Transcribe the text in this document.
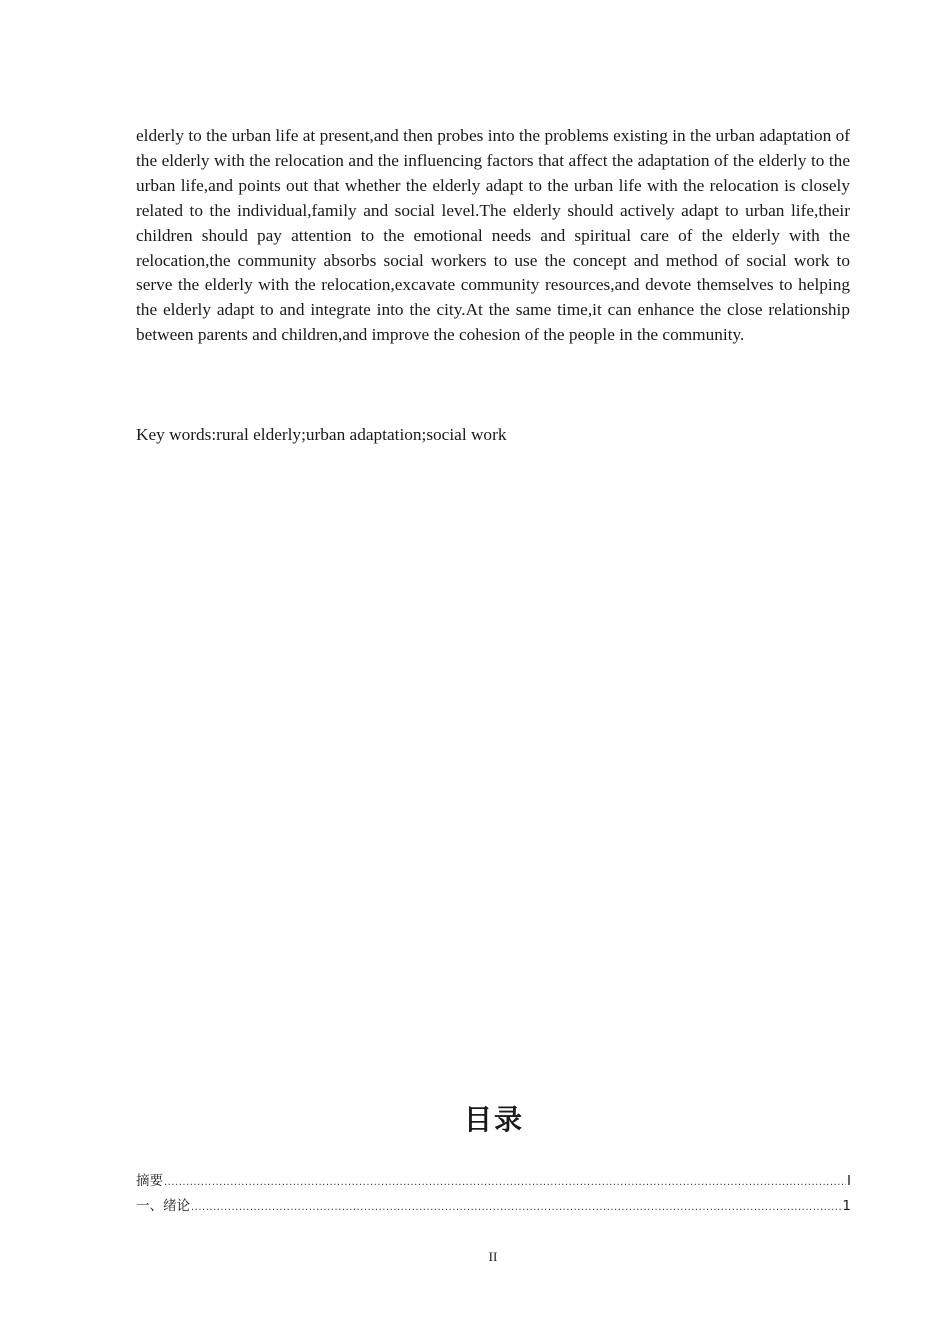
elderly to the urban life at present,and then probes into the problems existing in the urban adaptation of the elderly with the relocation and the influencing factors that affect the adaptation of the elderly to the urban life,and points out that whether the elderly adapt to the urban life with the relocation is closely related to the individual,family and social level.The elderly should actively adapt to urban life,their children should pay attention to the emotional needs and spiritual care of the elderly with the relocation,the community absorbs social workers to use the concept and method of social work to serve the elderly with the relocation,excavate community resources,and devote themselves to helping the elderly adapt to and integrate into the city.At the same time,it can enhance the close relationship between parents and children,and improve the cohesion of the people in the community.

Key words:rural elderly;urban adaptation;social work

目录
摘要 .....	I
一、绪论 .....	1
II
